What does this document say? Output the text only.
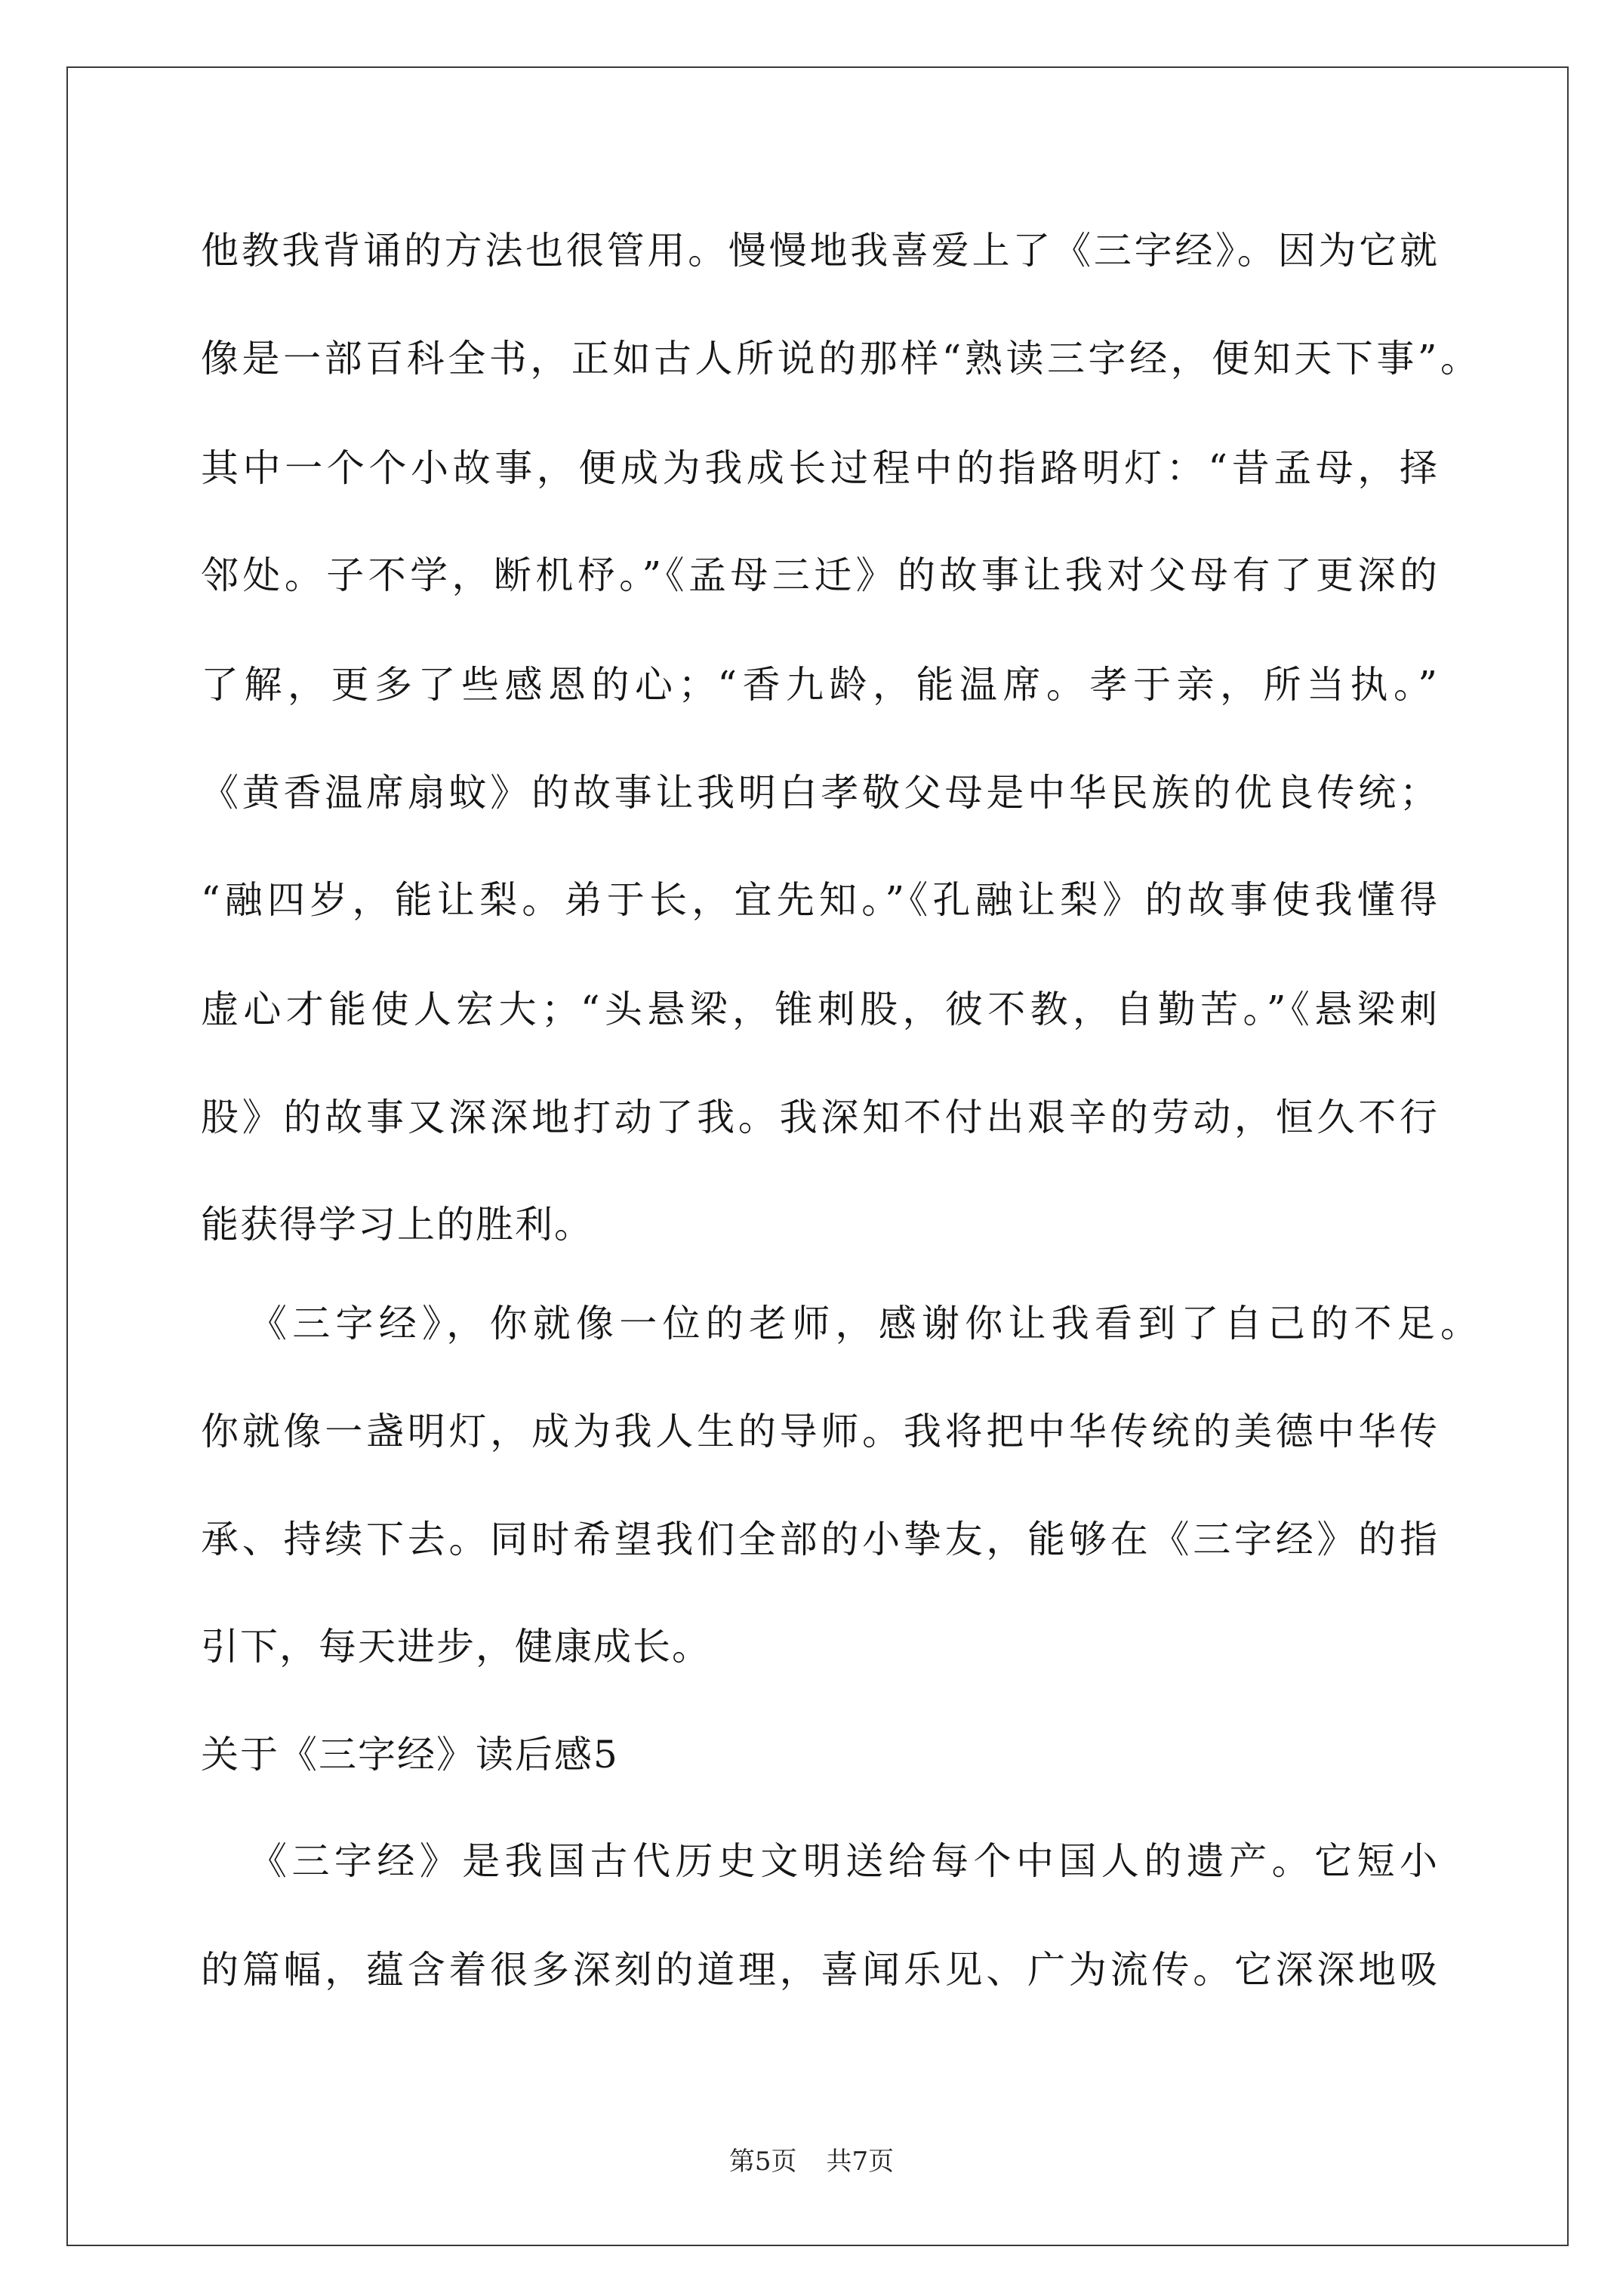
他教我背诵的方法也很管用。慢慢地我喜爱上了《三字经》。因为它就
像是一部百科全书，正如古人所说的那样“熟读三字经，便知天下事”。
其中一个个小故事，便成为我成长过程中的指路明灯：“昔孟母，择
邻处。子不学，断机杼。”《孟母三迁》的故事让我对父母有了更深的
了解，更多了些感恩的心；“香九龄，能温席。孝于亲，所当执。”
《黄香温席扇蚊》的故事让我明白孝敬父母是中华民族的优良传统；
“融四岁，能让梨。弟于长，宜先知。”《孔融让梨》的故事使我懂得
虚心才能使人宏大；“头悬梁，锥刺股，彼不教，自勤苦。”《悬梁刺
股》的故事又深深地打动了我。我深知不付出艰辛的劳动，恒久不行
能获得学习上的胜利。
《三字经》，你就像一位的老师，感谢你让我看到了自己的不足。
你就像一盏明灯，成为我人生的导师。我将把中华传统的美德中华传
承、持续下去。同时希望我们全部的小挚友，能够在《三字经》的指
引下，每天进步，健康成长。
关于《三字经》读后感5
《三字经》是我国古代历史文明送给每个中国人的遗产。它短小
的篇幅，蕴含着很多深刻的道理，喜闻乐见、广为流传。它深深地吸
第5页 共7页
